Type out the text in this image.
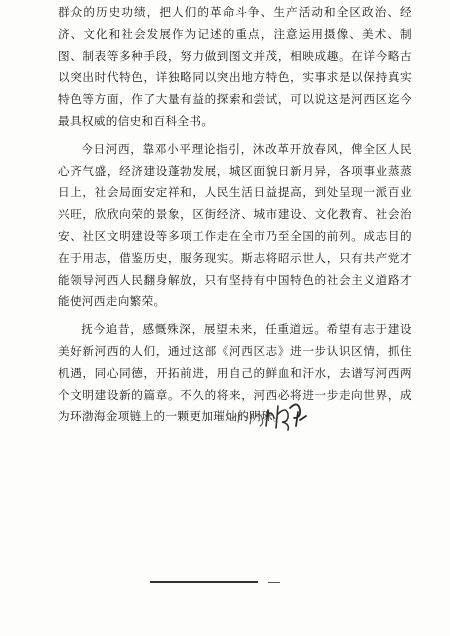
群众的历史功绩，把人们的革命斗争、生产活动和全区政治、经济、文化和社会发展作为记述的重点，注意运用摄像、美术、制图、制表等多种手段，努力做到图文并茂，相映成趣。在详今略古以突出时代特色，详独略同以突出地方特色，实事求是以保持真实特色等方面，作了大量有益的探索和尝试，可以说这是河西区迄今最具权威的信史和百科全书。

今日河西，靠邓小平理论指引，沐改革开放春风，俾全区人民心齐气盛，经济建设蓬勃发展，城区面貌日新月异，各项事业蒸蒸日上，社会局面安定祥和，人民生活日益提高，到处呈现一派百业兴旺，欣欣向荣的景象，区街经济、城市建设、文化教育、社会治安、社区文明建设等多项工作走在全市乃至全国的前列。成志目的在于用志，借鉴历史，服务现实。斯志将昭示世人，只有共产党才能领导河西人民翻身解放，只有坚持有中国特色的社会主义道路才能使河西走向繁荣。

抚今追昔，感慨殊深，展望未来，任重道远。希望有志于建设美好新河西的人们，通过这部《河西区志》进一步认识区情，抓住机遇，同心同德，开拓前进，用自己的鲜血和汗水，去谱写河西两个文明建设新的篇章。不久的将来，河西必将进一步走向世界，成为环渤海金项链上的一颗更加璀灿的明珠。
